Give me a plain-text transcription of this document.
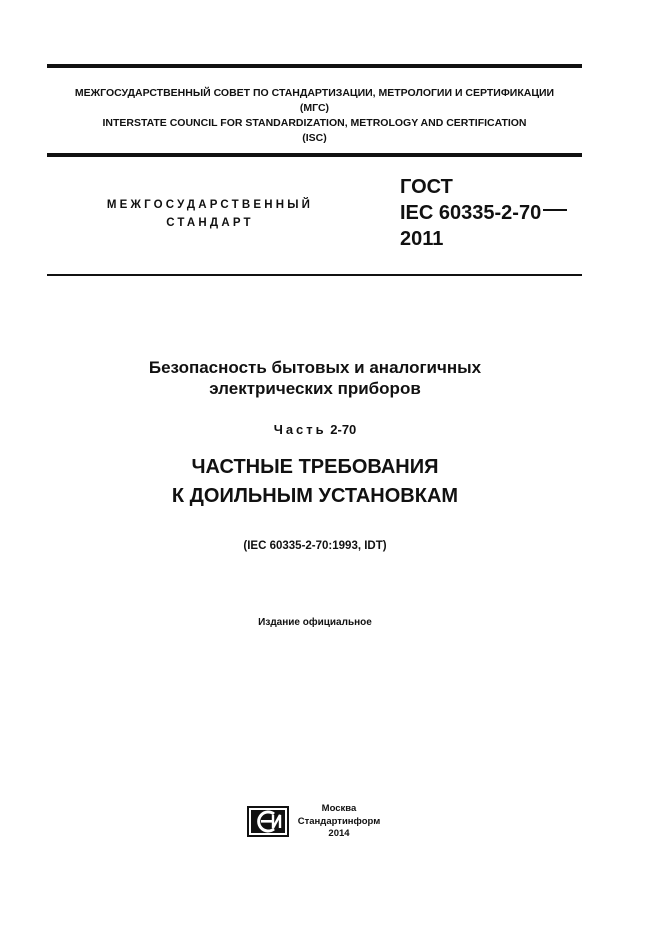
МЕЖГОСУДАРСТВЕННЫЙ СОВЕТ ПО СТАНДАРТИЗАЦИИ, МЕТРОЛОГИИ И СЕРТИФИКАЦИИ
(МГС)
INTERSTATE COUNCIL FOR STANDARDIZATION, METROLOGY AND CERTIFICATION
(ISC)
МЕЖГОСУДАРСТВЕННЫЙ
СТАНДАРТ
ГОСТ
IEC 60335-2-70
2011
Безопасность бытовых и аналогичных
электрических приборов
Часть 2-70
ЧАСТНЫЕ ТРЕБОВАНИЯ
К ДОИЛЬНЫМ УСТАНОВКАМ
(IEC 60335-2-70:1993, IDT)
Издание официальное
Москва
Стандартинформ
2014
